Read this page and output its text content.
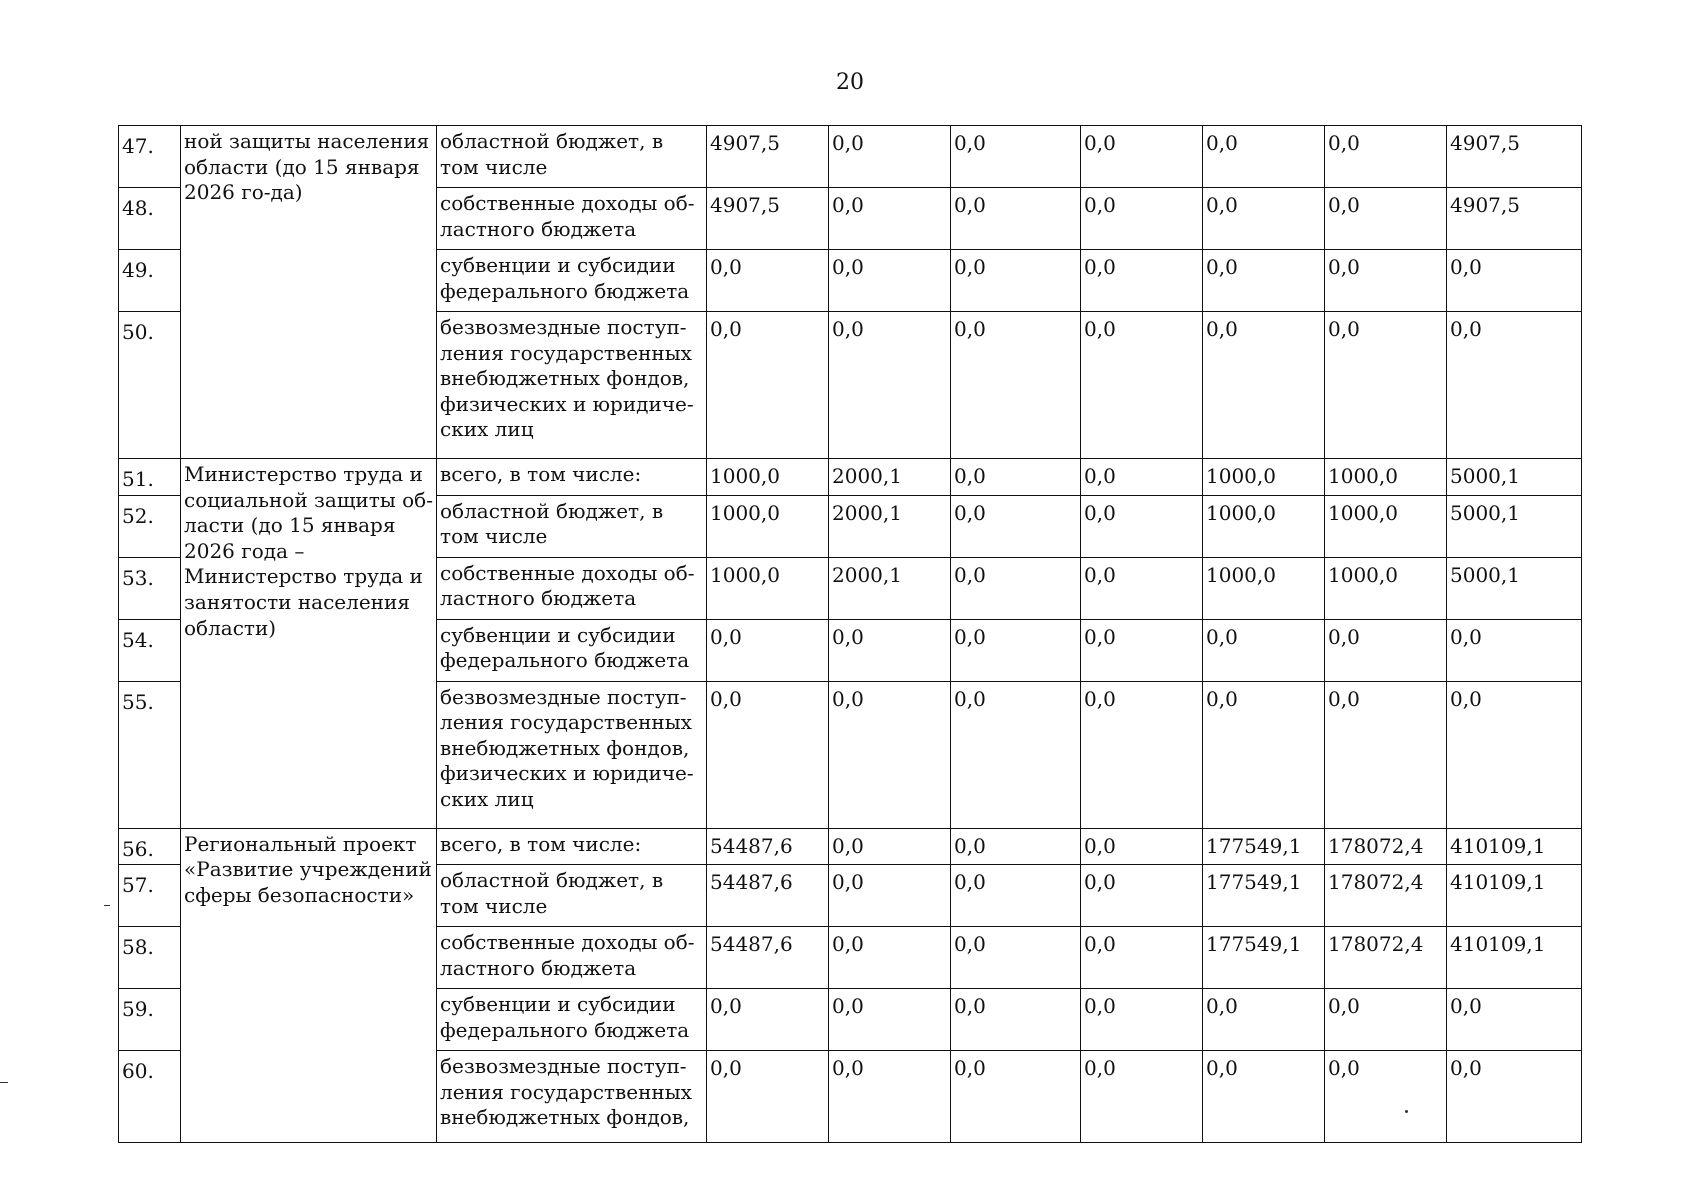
20
47.	ной защиты населения области (до 15 января 2026 го-да)	областной бюджет, в том числе	4907,5	0,0	0,0	0,0	0,0	0,0	4907,5
48.		собственные доходы об-ластного бюджета	4907,5	0,0	0,0	0,0	0,0	0,0	4907,5
49.		субвенции и субсидии федерального бюджета	0,0	0,0	0,0	0,0	0,0	0,0	0,0
50.		безвозмездные поступ-ления государственных внебюджетных фондов, физических и юридиче-ских лиц	0,0	0,0	0,0	0,0	0,0	0,0	0,0
51.	Министерство труда и социальной защиты об-ласти (до 15 января 2026 года – Министерство труда и занятости населения области)	всего, в том числе:	1000,0	2000,1	0,0	0,0	1000,0	1000,0	5000,1
52.		областной бюджет, в том числе	1000,0	2000,1	0,0	0,0	1000,0	1000,0	5000,1
53.		собственные доходы об-ластного бюджета	1000,0	2000,1	0,0	0,0	1000,0	1000,0	5000,1
54.		субвенции и субсидии федерального бюджета	0,0	0,0	0,0	0,0	0,0	0,0	0,0
55.		безвозмездные поступ-ления государственных внебюджетных фондов, физических и юридиче-ских лиц	0,0	0,0	0,0	0,0	0,0	0,0	0,0
56.	Региональный проект «Развитие учреждений сферы безопасности»	всего, в том числе:	54487,6	0,0	0,0	0,0	177549,1	178072,4	410109,1
57.		областной бюджет, в том числе	54487,6	0,0	0,0	0,0	177549,1	178072,4	410109,1
58.		собственные доходы об-ластного бюджета	54487,6	0,0	0,0	0,0	177549,1	178072,4	410109,1
59.		субвенции и субсидии федерального бюджета	0,0	0,0	0,0	0,0	0,0	0,0	0,0
60.		безвозмездные поступ-ления государственных внебюджетных фондов,	0,0	0,0	0,0	0,0	0,0	0,0	0,0
